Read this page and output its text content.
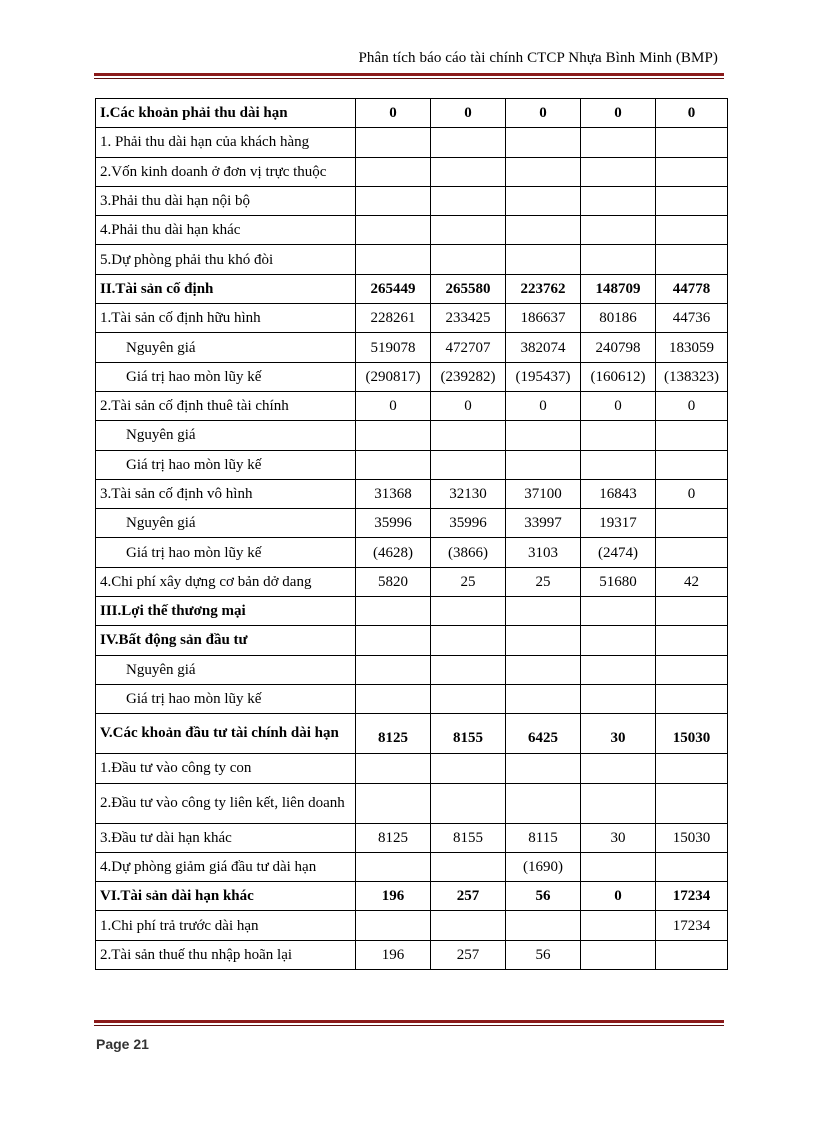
Phân tích báo cáo tài chính CTCP Nhựa Bình Minh (BMP)
I.Các khoản phải thu dài hạn	0	0	0	0	0
1. Phải thu dài hạn của khách hàng					
2.Vốn kinh doanh ở đơn vị trực thuộc					
3.Phải thu dài hạn nội bộ					
4.Phải thu dài hạn khác					
5.Dự phòng phải thu khó đòi					
II.Tài sản cố định	265449	265580	223762	148709	44778
1.Tài sản cố định hữu hình	228261	233425	186637	80186	44736
Nguyên giá	519078	472707	382074	240798	183059
Giá trị hao mòn lũy kế	(290817)	(239282)	(195437)	(160612)	(138323)
2.Tài sản cố định thuê tài chính	0	0	0	0	0
Nguyên giá					
Giá trị hao mòn lũy kế					
3.Tài sản cố định vô hình	31368	32130	37100	16843	0
Nguyên giá	35996	35996	33997	19317	
Giá trị hao mòn lũy kế	(4628)	(3866)	3103	(2474)	
4.Chi phí xây dựng cơ bản dở dang	5820	25	25	51680	42
III.Lợi thế thương mại					
IV.Bất động sản đầu tư					
Nguyên giá					
Giá trị hao mòn lũy kế					
V.Các khoản đầu tư tài chính dài hạn	8125	8155	6425	30	15030
1.Đầu tư vào công ty con					
2.Đầu tư vào công ty liên kết, liên doanh					
3.Đầu tư dài hạn khác	8125	8155	8115	30	15030
4.Dự phòng giảm giá đầu tư dài hạn			(1690)		
VI.Tài sản dài hạn khác	196	257	56	0	17234
1.Chi phí trả trước dài hạn					17234
2.Tài sản thuế thu nhập hoãn lại	196	257	56		
Page 21
